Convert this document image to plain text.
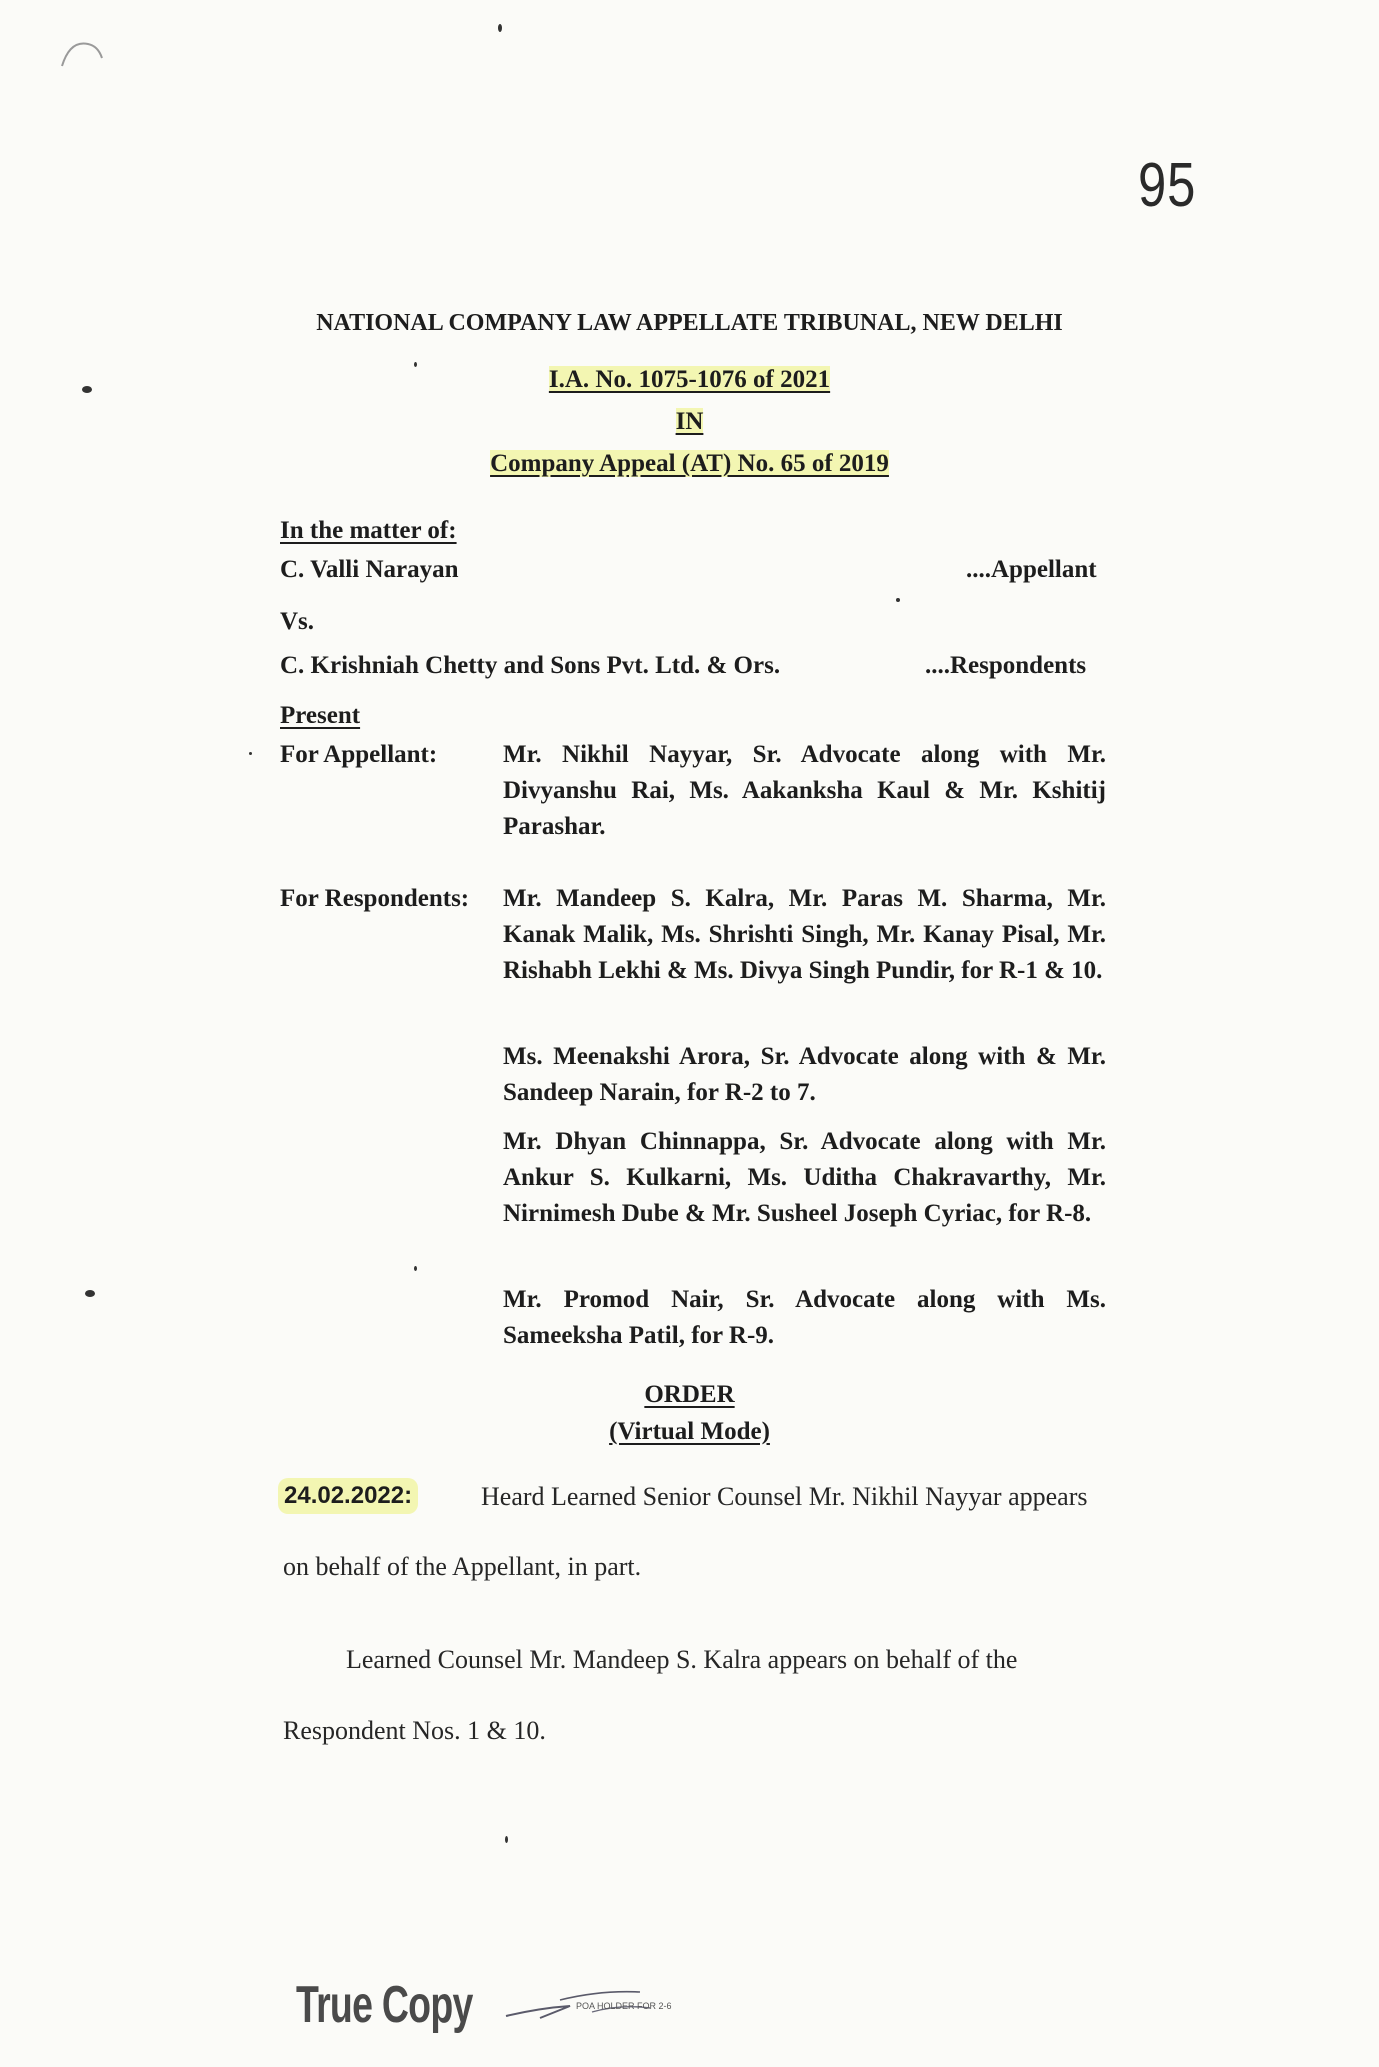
95
NATIONAL COMPANY LAW APPELLATE TRIBUNAL, NEW DELHI
I.A. No. 1075-1076 of 2021
IN
Company Appeal (AT) No. 65 of 2019
In the matter of:
C. Valli Narayan	....Appellant
Vs.
C. Krishniah Chetty and Sons Pvt. Ltd. & Ors.	....Respondents
Present
For Appellant:	Mr. Nikhil Nayyar, Sr. Advocate along with Mr. Divyanshu Rai, Ms. Aakanksha Kaul & Mr. Kshitij Parashar.
For Respondents: Mr. Mandeep S. Kalra, Mr. Paras M. Sharma, Mr. Kanak Malik, Ms. Shrishti Singh, Mr. Kanay Pisal, Mr. Rishabh Lekhi & Ms. Divya Singh Pundir, for R-1 & 10.
Ms. Meenakshi Arora, Sr. Advocate along with & Mr. Sandeep Narain, for R-2 to 7.
Mr. Dhyan Chinnappa, Sr. Advocate along with Mr. Ankur S. Kulkarni, Ms. Uditha Chakravarthy, Mr. Nirnimesh Dube & Mr. Susheel Joseph Cyriac, for R-8.
Mr. Promod Nair, Sr. Advocate along with Ms. Sameeksha Patil, for R-9.
ORDER
(Virtual Mode)
24.02.2022:	Heard Learned Senior Counsel Mr. Nikhil Nayyar appears
on behalf of the Appellant, in part.
Learned Counsel Mr. Mandeep S. Kalra appears on behalf of the
Respondent Nos. 1 & 10.
True Copy	POA HOLDER FOR 2-6
